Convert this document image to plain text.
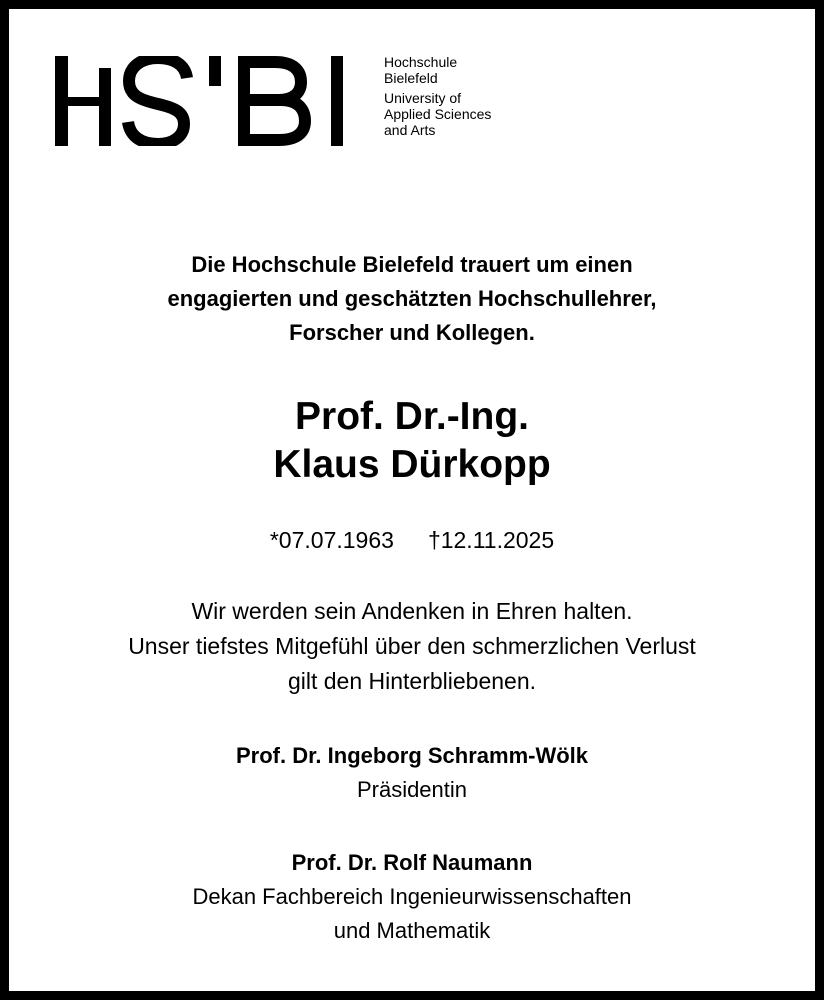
Hochschule
Bielefeld
University of
Applied Sciences
and Arts
Die Hochschule Bielefeld trauert um einen
engagierten und geschätzten Hochschullehrer,
Forscher und Kollegen.
Prof. Dr.-Ing.
Klaus Dürkopp
*07.07.1963 †12.11.2025
Wir werden sein Andenken in Ehren halten.
Unser tiefstes Mitgefühl über den schmerzlichen Verlust
gilt den Hinterbliebenen.
Prof. Dr. Ingeborg Schramm-Wölk
Präsidentin
Prof. Dr. Rolf Naumann
Dekan Fachbereich Ingenieurwissenschaften
und Mathematik
